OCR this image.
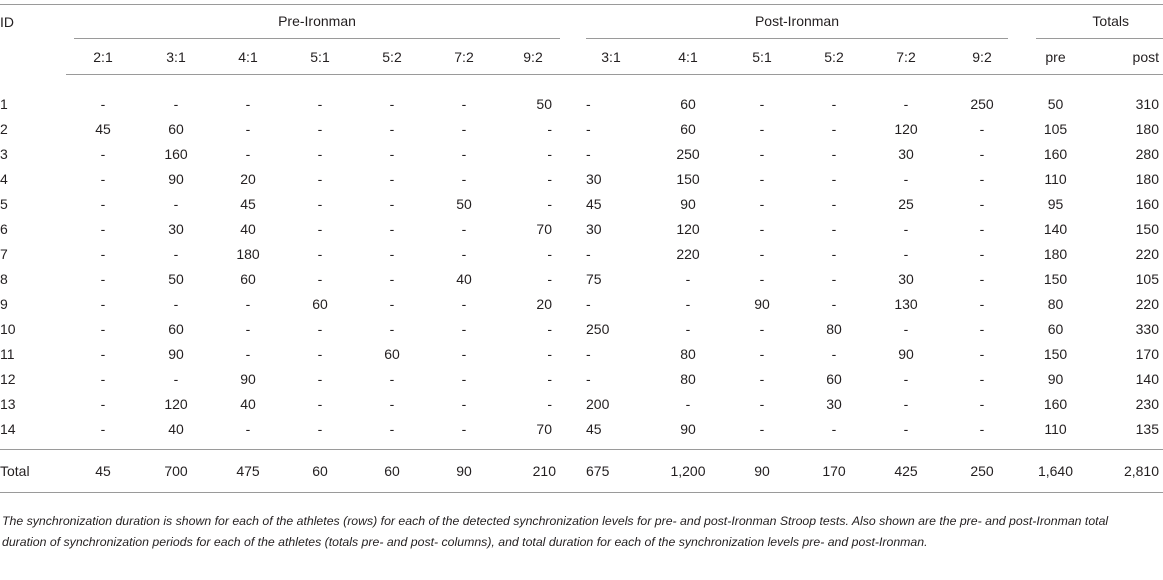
ID	Pre-Ironman							Post-Ironman						Totals	

	2:1	3:1	4:1	5:1	5:2	7:2	9:2	3:1	4:1	5:1	5:2	7:2	9:2	pre	post

1	-	-	-	-	-	-	50	-	60	-	-	-	250	50	310
2	45	60	-	-	-	-	-	-	60	-	-	120	-	105	180
3	-	160	-	-	-	-	-	-	250	-	-	30	-	160	280
4	-	90	20	-	-	-	-	30	150	-	-	-	-	110	180
5	-	-	45	-	-	50	-	45	90	-	-	25	-	95	160
6	-	30	40	-	-	-	70	30	120	-	-	-	-	140	150
7	-	-	180	-	-	-	-	-	220	-	-	-	-	180	220
8	-	50	60	-	-	40	-	75	-	-	-	30	-	150	105
9	-	-	-	60	-	-	20	-	-	90	-	130	-	80	220
10	-	60	-	-	-	-	-	250	-	-	80	-	-	60	330
11	-	90	-	-	60	-	-	-	80	-	-	90	-	150	170
12	-	-	90	-	-	-	-	-	80	-	60	-	-	90	140
13	-	120	40	-	-	-	-	200	-	-	30	-	-	160	230
14	-	40	-	-	-	-	70	45	90	-	-	-	-	110	135

Total	45	700	475	60	60	90	210	675	1,200	90	170	425	250	1,640	2,810
The synchronization duration is shown for each of the athletes (rows) for each of the detected synchronization levels for pre- and post-Ironman Stroop tests. Also shown are the pre- and post-Ironman total duration of synchronization periods for each of the athletes (totals pre- and post- columns), and total duration for each of the synchronization levels pre- and post-Ironman.
